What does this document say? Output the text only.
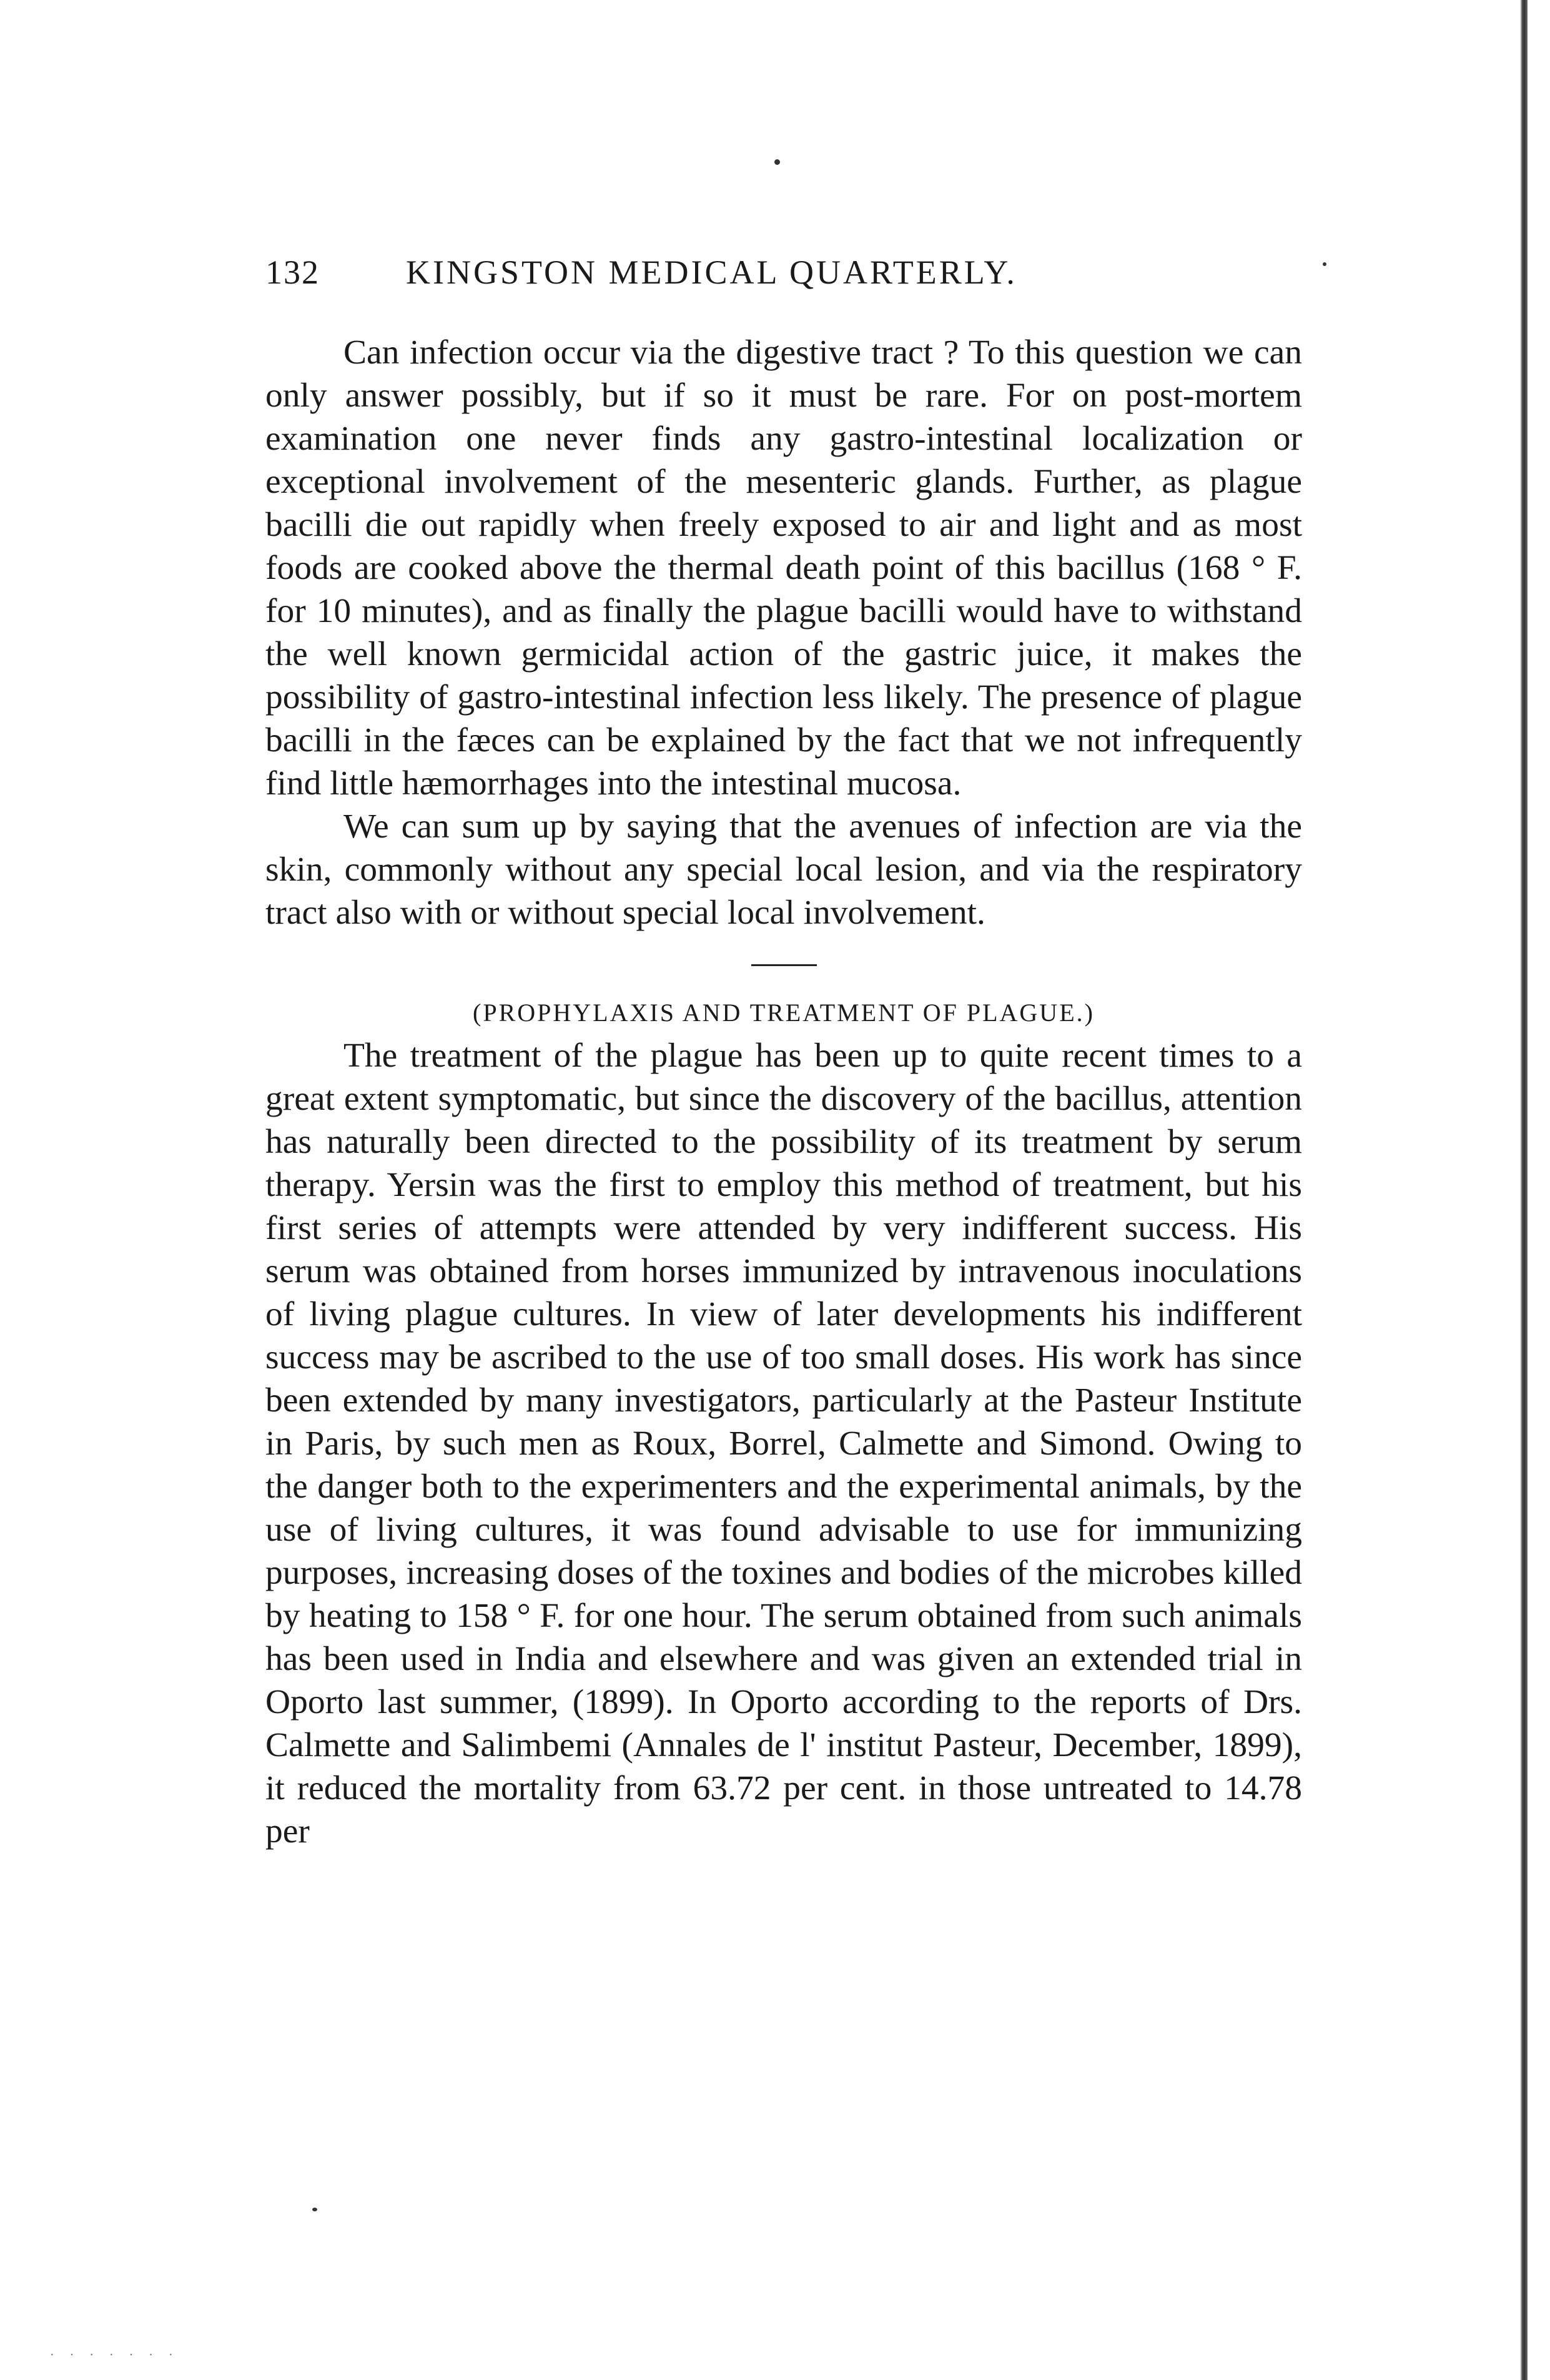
132	KINGSTON MEDICAL QUARTERLY.

Can infection occur via the digestive tract ? To this question we can only answer possibly, but if so it must be rare. For on post-mortem examination one never finds any gastro-intestinal localization or exceptional involvement of the mesenteric glands. Further, as plague bacilli die out rapidly when freely exposed to air and light and as most foods are cooked above the thermal death point of this bacillus (168 ° F. for 10 minutes), and as finally the plague bacilli would have to withstand the well known germicidal action of the gastric juice, it makes the possibility of gastro-intestinal infection less likely. The presence of plague bacilli in the fæces can be explained by the fact that we not infrequently find little hæmorrhages into the intestinal mucosa.

We can sum up by saying that the avenues of infection are via the skin, commonly without any special local lesion, and via the respiratory tract also with or without special local involvement.

(PROPHYLAXIS AND TREATMENT OF PLAGUE.)

The treatment of the plague has been up to quite recent times to a great extent symptomatic, but since the discovery of the bacillus, attention has naturally been directed to the possibility of its treatment by serum therapy. Yersin was the first to employ this method of treatment, but his first series of attempts were attended by very indifferent success. His serum was obtained from horses immunized by intravenous inoculations of living plague cultures. In view of later developments his indifferent success may be ascribed to the use of too small doses. His work has since been extended by many investigators, particularly at the Pasteur Institute in Paris, by such men as Roux, Borrel, Calmette and Simond. Owing to the danger both to the experimenters and the experimental animals, by the use of living cultures, it was found advisable to use for immunizing purposes, increasing doses of the toxines and bodies of the microbes killed by heating to 158 ° F. for one hour. The serum obtained from such animals has been used in India and elsewhere and was given an extended trial in Oporto last summer, (1899). In Oporto according to the reports of Drs. Calmette and Salimbemi (Annales de l' institut Pasteur, December, 1899), it reduced the mortality from 63.72 per cent. in those untreated to 14.78 per

· · · · · · ·
